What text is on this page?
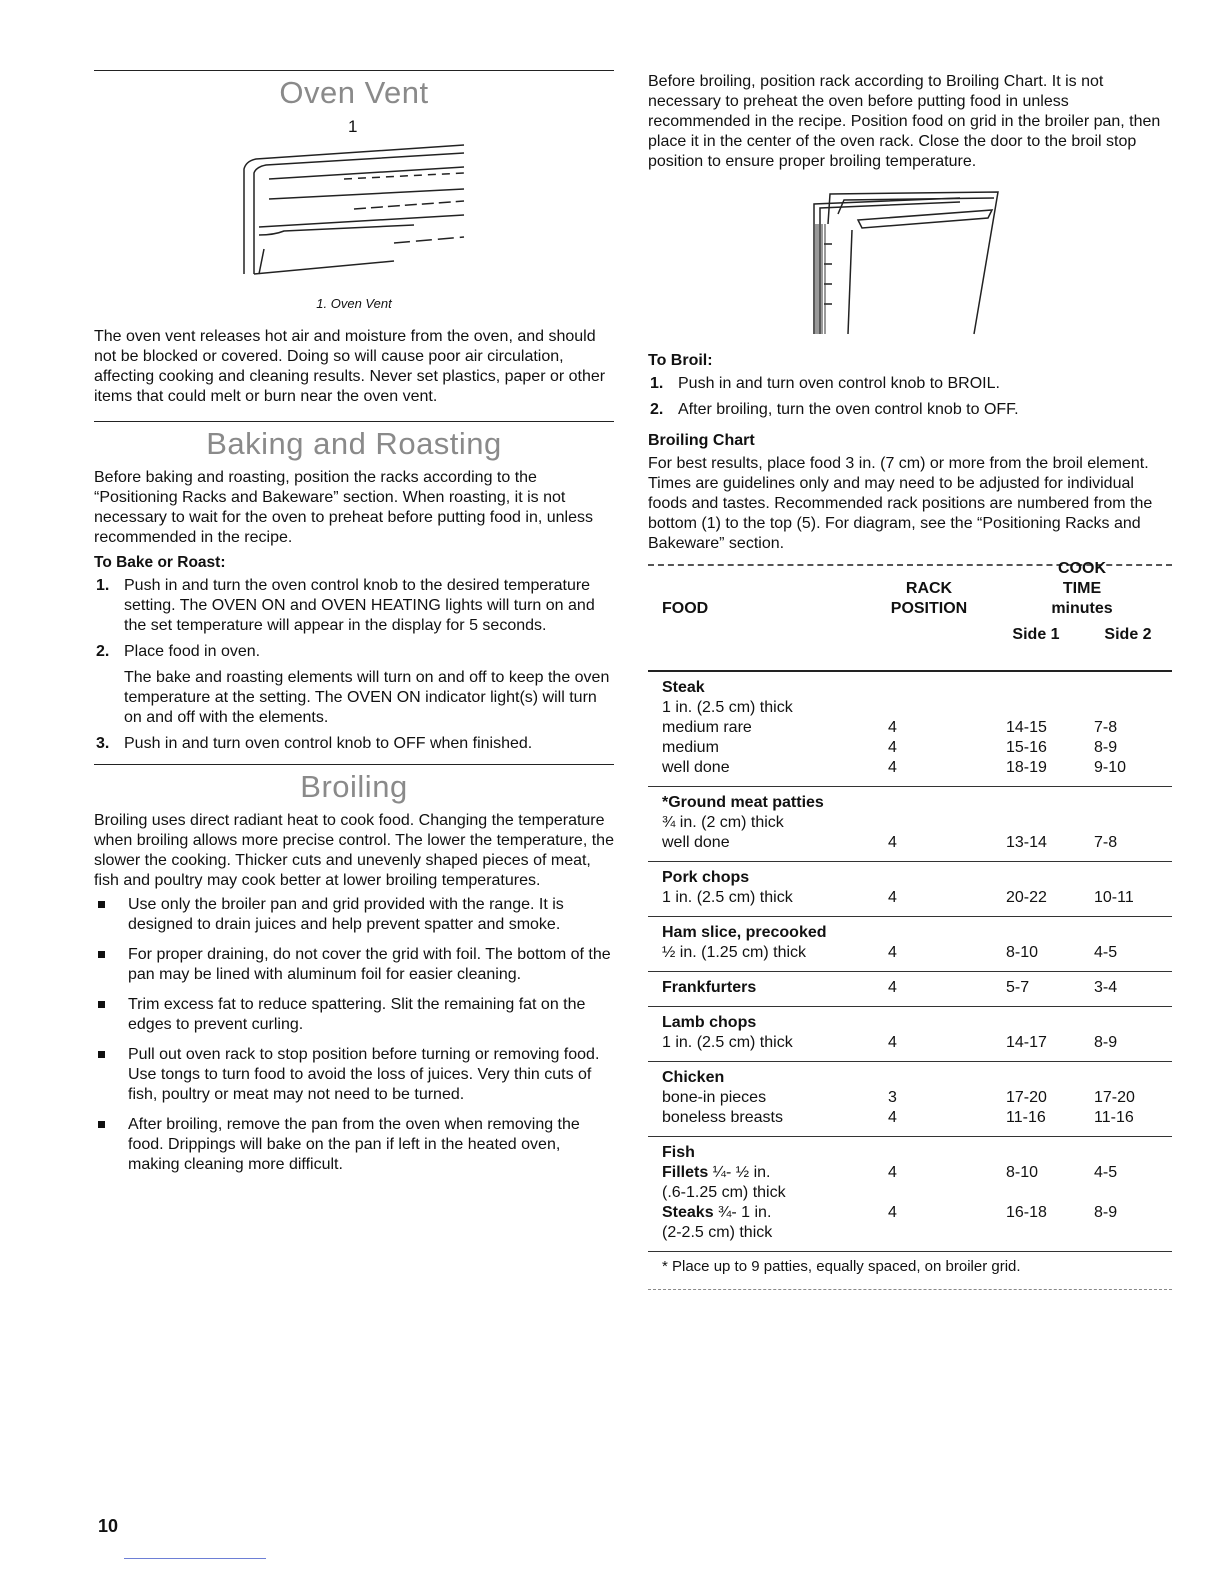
Oven Vent
1
1. Oven Vent

The oven vent releases hot air and moisture from the oven, and should not be blocked or covered. Doing so will cause poor air circulation, affecting cooking and cleaning results. Never set plastics, paper or other items that could melt or burn near the oven vent.

Baking and Roasting

Before baking and roasting, position the racks according to the “Positioning Racks and Bakeware” section. When roasting, it is not necessary to wait for the oven to preheat before putting food in, unless recommended in the recipe.

To Bake or Roast:
1. Push in and turn the oven control knob to the desired temperature setting. The OVEN ON and OVEN HEATING lights will turn on and the set temperature will appear in the display for 5 seconds.
2. Place food in oven.
The bake and roasting elements will turn on and off to keep the oven temperature at the setting. The OVEN ON indicator light(s) will turn on and off with the elements.
3. Push in and turn oven control knob to OFF when finished.
Broiling

Broiling uses direct radiant heat to cook food. Changing the temperature when broiling allows more precise control. The lower the temperature, the slower the cooking. Thicker cuts and unevenly shaped pieces of meat, fish and poultry may cook better at lower broiling temperatures.

Use only the broiler pan and grid provided with the range. It is designed to drain juices and help prevent spatter and smoke.
For proper draining, do not cover the grid with foil. The bottom of the pan may be lined with aluminum foil for easier cleaning.
Trim excess fat to reduce spattering. Slit the remaining fat on the edges to prevent curling.
Pull out oven rack to stop position before turning or removing food. Use tongs to turn food to avoid the loss of juices. Very thin cuts of fish, poultry or meat may not need to be turned.
After broiling, remove the pan from the oven when removing the food. Drippings will bake on the pan if left in the heated oven, making cleaning more difficult.

Before broiling, position rack according to Broiling Chart. It is not necessary to preheat the oven before putting food in unless recommended in the recipe. Position food on grid in the broiler pan, then place it in the center of the oven rack. Close the door to the broil stop position to ensure proper broiling temperature.

To Broil:
1. Push in and turn oven control knob to BROIL.
2. After broiling, turn the oven control knob to OFF.
Broiling Chart

For best results, place food 3 in. (7 cm) or more from the broil element. Times are guidelines only and may need to be adjusted for individual foods and tastes. Recommended rack positions are numbered from the bottom (1) to the top (5). For diagram, see the “Positioning Racks and Bakeware” section.

FOOD
RACK
POSITION
COOK
TIME
minutes
Side 1	Side 2
Steak
1 in. (2.5 cm) thick
medium rare	4	14-15	7-8
medium	4	15-16	8-9
well done	4	18-19	9-10
*Ground meat patties
¾ in. (2 cm) thick
well done	4	13-14	7-8
Pork chops
1 in. (2.5 cm) thick	4	20-22	10-11
Ham slice, precooked
½ in. (1.25 cm) thick	4	8-10	4-5
Frankfurters	4	5-7	3-4
Lamb chops
1 in. (2.5 cm) thick	4	14-17	8-9
Chicken
bone-in pieces	3	17-20	17-20
boneless breasts	4	11-16	11-16
Fish
Fillets ¼- ½ in.	4	8-10	4-5
(.6-1.25 cm) thick
Steaks ¾- 1 in.	4	16-18	8-9
(2-2.5 cm) thick
* Place up to 9 patties, equally spaced, on broiler grid.
10
